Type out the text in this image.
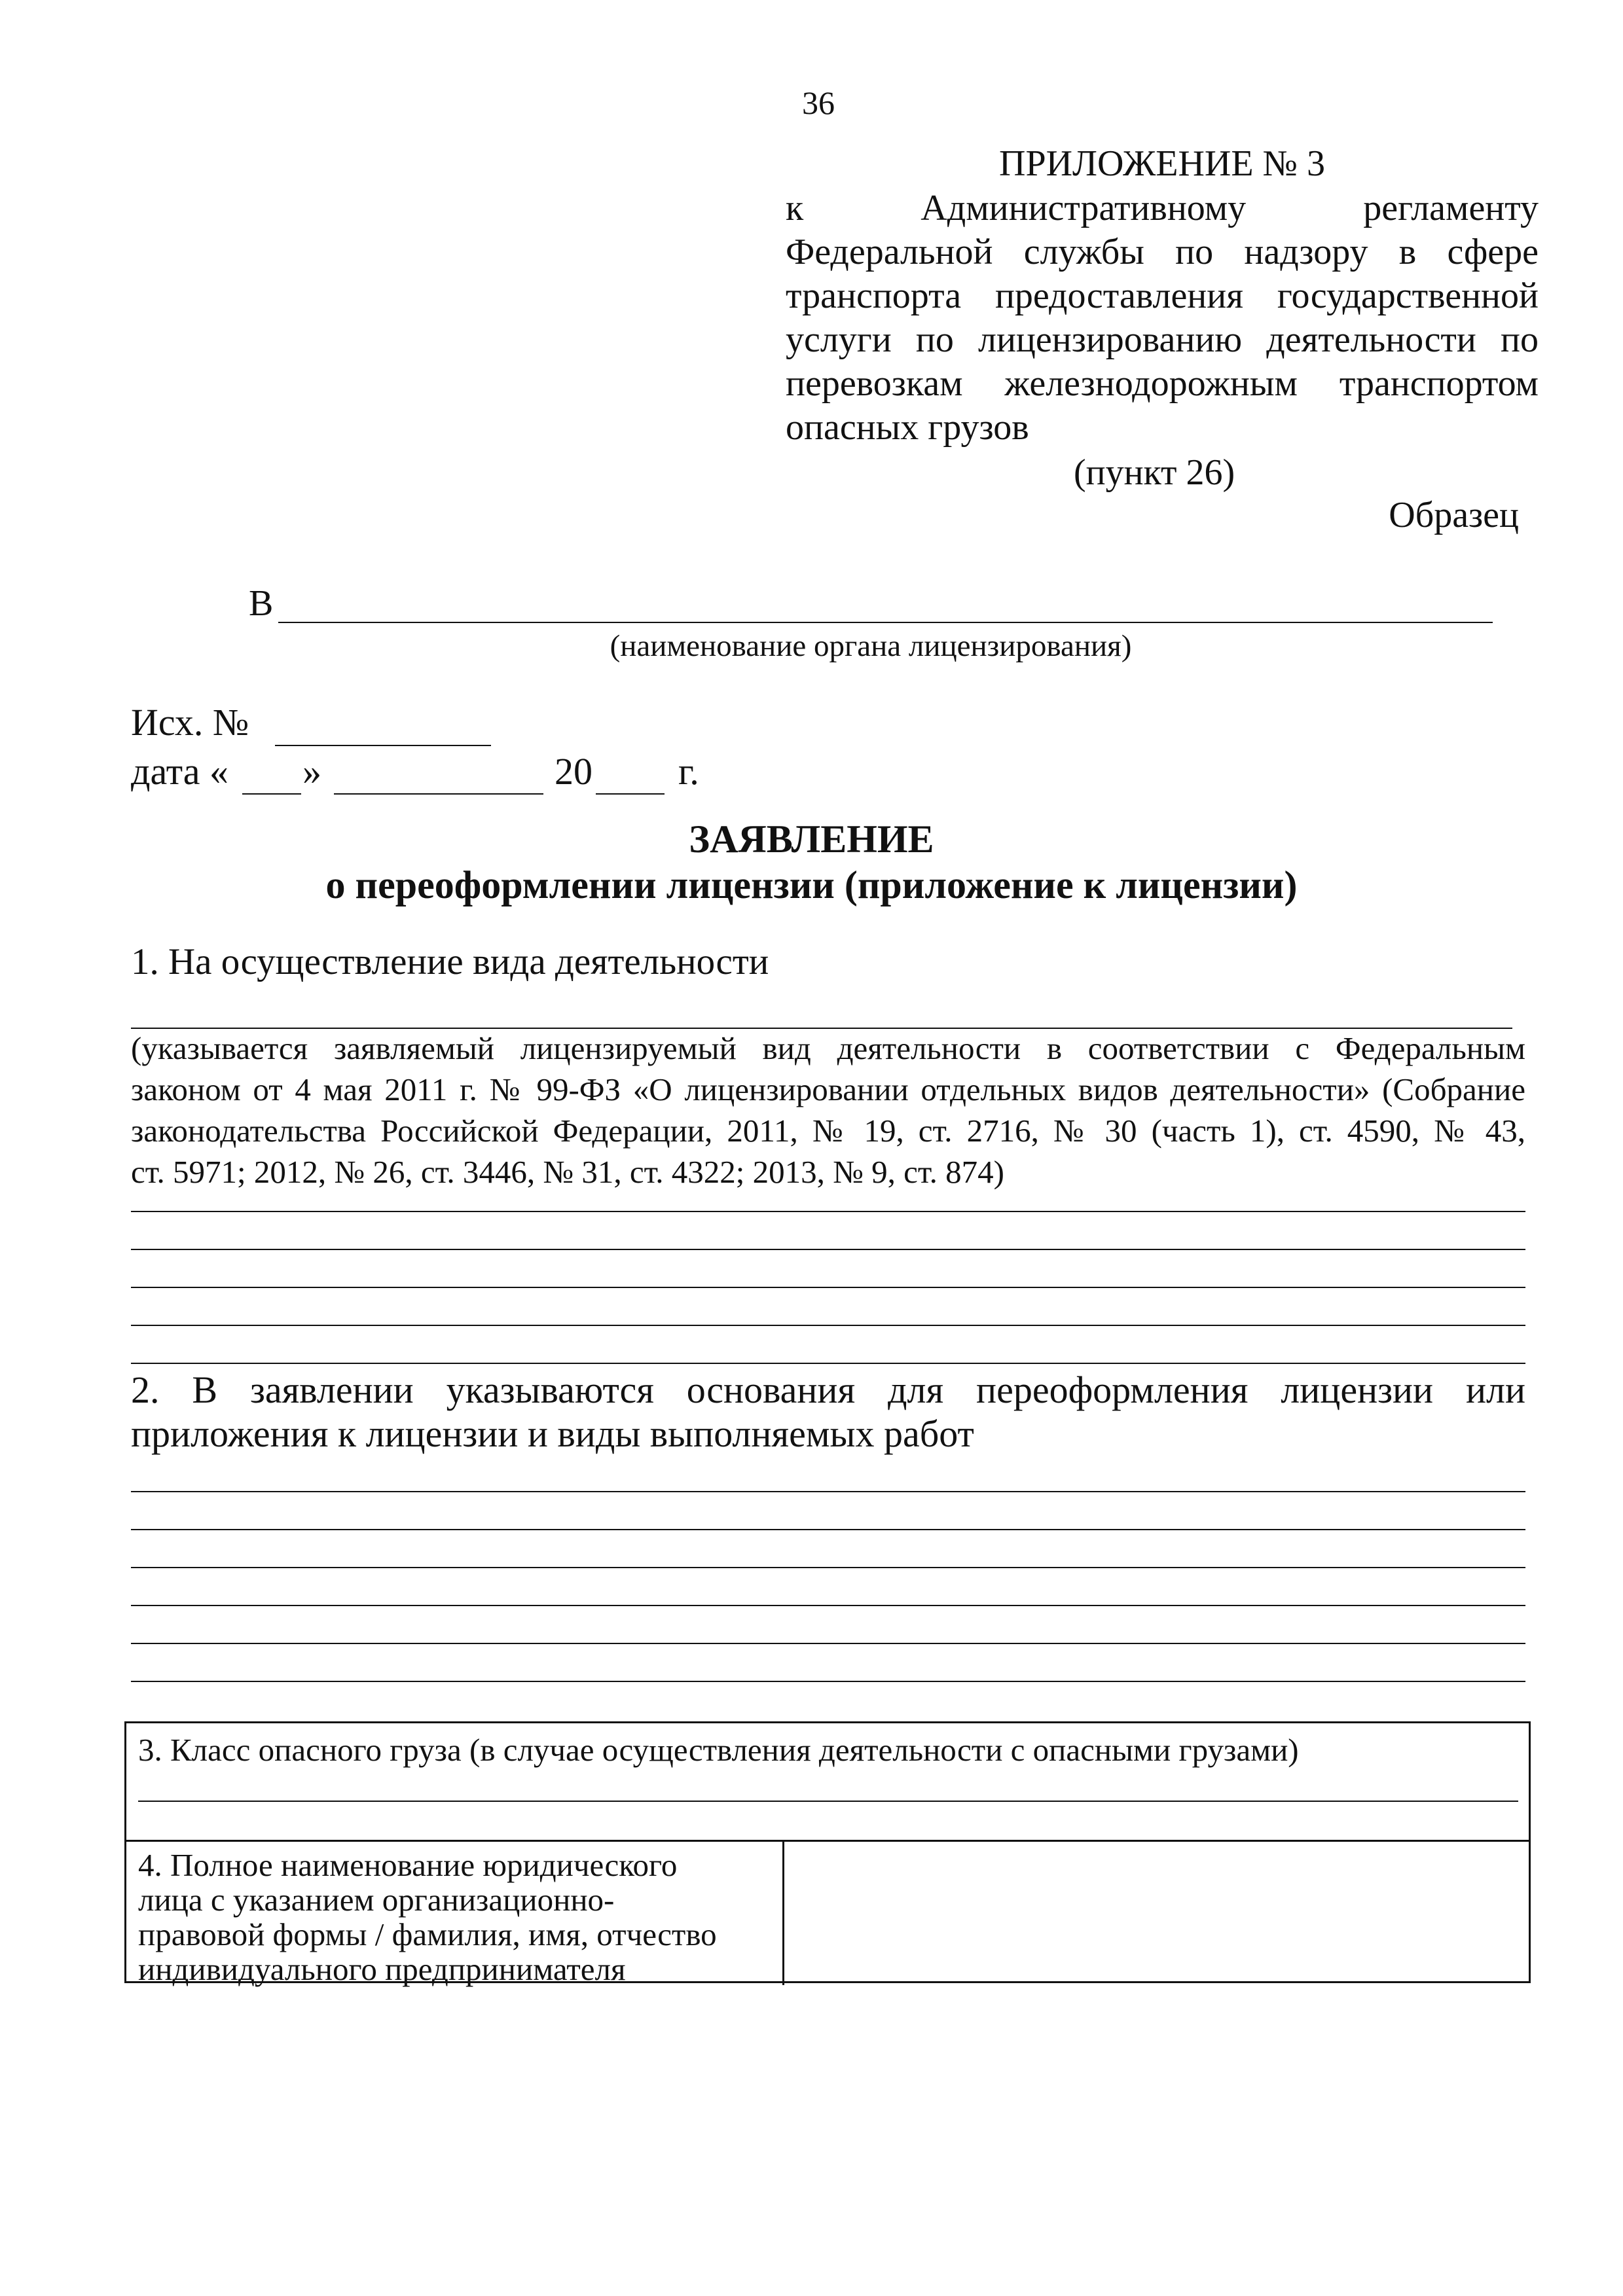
36
ПРИЛОЖЕНИЕ № 3
к Административному регламенту
Федеральной службы по надзору в сфере
транспорта предоставления государственной
услуги по лицензированию деятельности по
перевозкам железнодорожным транспортом
опасных грузов
(пункт 26)
Образец
В
(наименование органа лицензирования)
Исх. №
дата « »	20 г.
ЗАЯВЛЕНИЕ
о переоформлении лицензии (приложение к лицензии)
1. На осуществление вида деятельности
(указывается заявляемый лицензируемый вид деятельности в соответствии с Федеральным
законом от 4 мая 2011 г. № 99-ФЗ «О лицензировании отдельных видов деятельности» (Собрание
законодательства Российской Федерации, 2011, № 19, ст. 2716, № 30 (часть 1), ст. 4590, № 43,
ст. 5971; 2012, № 26, ст. 3446, № 31, ст. 4322; 2013, № 9, ст. 874)
2. В заявлении указываются основания для переоформления лицензии или
приложения к лицензии и виды выполняемых работ
3. Класс опасного груза (в случае осуществления деятельности с опасными грузами)
4. Полное наименование юридического
лица с указанием организационно-
правовой формы / фамилия, имя, отчество
индивидуального предпринимателя
